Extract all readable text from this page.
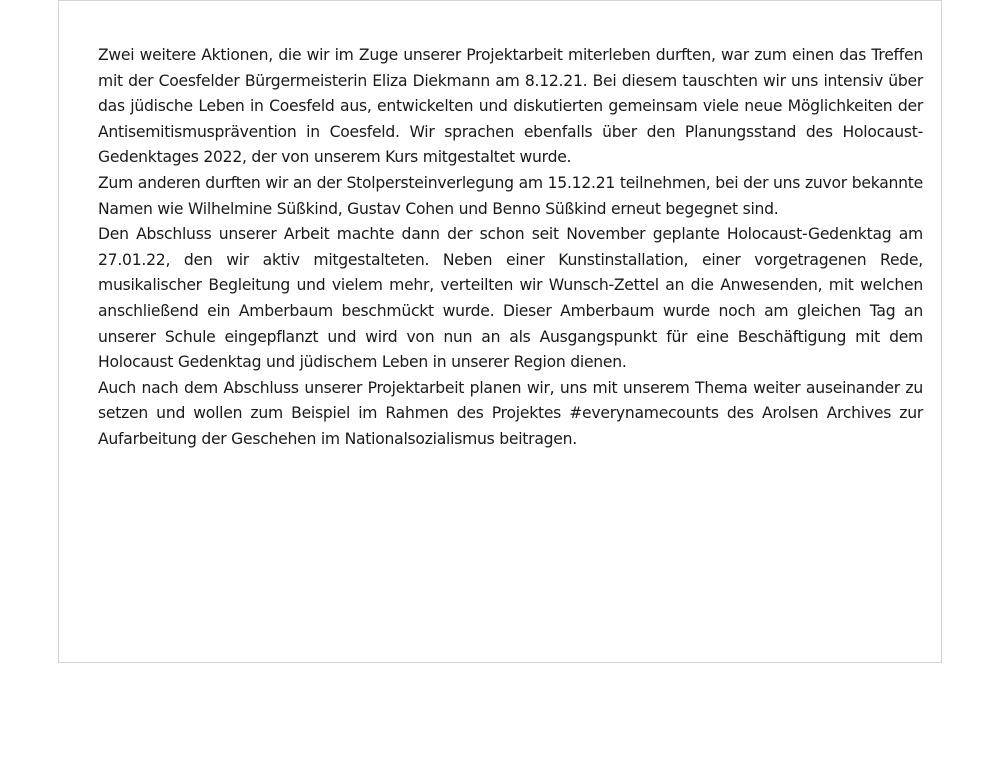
Zwei weitere Aktionen, die wir im Zuge unserer Projektarbeit miterleben durften, war zum einen das Treffen mit der Coesfelder Bürgermeisterin Eliza Diekmann am 8.12.21. Bei diesem tauschten wir uns intensiv über das jüdische Leben in Coesfeld aus, entwickelten und diskutierten gemeinsam viele neue Möglichkeiten der Antisemitismusprävention in Coesfeld. Wir sprachen ebenfalls über den Planungsstand des Holocaust-Gedenktages 2022, der von unserem Kurs mitgestaltet wurde.

Zum anderen durften wir an der Stolpersteinverlegung am 15.12.21 teilnehmen, bei der uns zuvor bekannte Namen wie Wilhelmine Süßkind, Gustav Cohen und Benno Süßkind erneut begegnet sind.

Den Abschluss unserer Arbeit machte dann der schon seit November geplante Holocaust-Gedenktag am 27.01.22, den wir aktiv mitgestalteten. Neben einer Kunstinstallation, einer vorgetragenen Rede, musikalischer Begleitung und vielem mehr, verteilten wir Wunsch-Zettel an die Anwesenden, mit welchen anschließend ein Amberbaum beschmückt wurde. Dieser Amberbaum wurde noch am gleichen Tag an unserer Schule eingepflanzt und wird von nun an als Ausgangspunkt für eine Beschäftigung mit dem Holocaust Gedenktag und jüdischem Leben in unserer Region dienen.

Auch nach dem Abschluss unserer Projektarbeit planen wir, uns mit unserem Thema weiter auseinander zu setzen und wollen zum Beispiel im Rahmen des Projektes #everynamecounts des Arolsen Archives zur Aufarbeitung der Geschehen im Nationalsozialismus beitragen.
